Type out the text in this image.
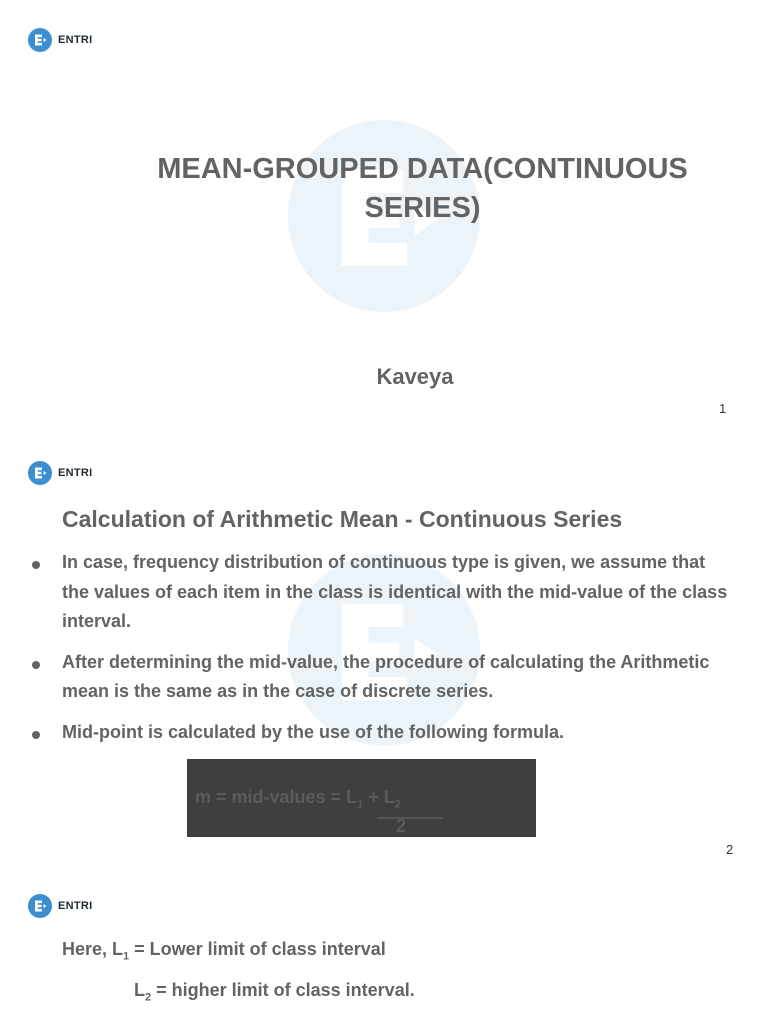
ENTRI
MEAN-GROUPED DATA(CONTINUOUS SERIES)
Kaveya
1
ENTRI
Calculation of Arithmetic Mean - Continuous Series
In case, frequency distribution of continuous type is given, we assume that the values of each item in the class is identical with the mid-value of the class interval.
After determining the mid-value, the procedure of calculating the Arithmetic mean is the same as in the case of discrete series.
Mid-point is calculated by the use of the following formula.
m = mid-values = $L_1 + L_2$
2
2
ENTRI
Here, $L_1$ = Lower limit of class interval
$L_2$ = higher limit of class interval.
